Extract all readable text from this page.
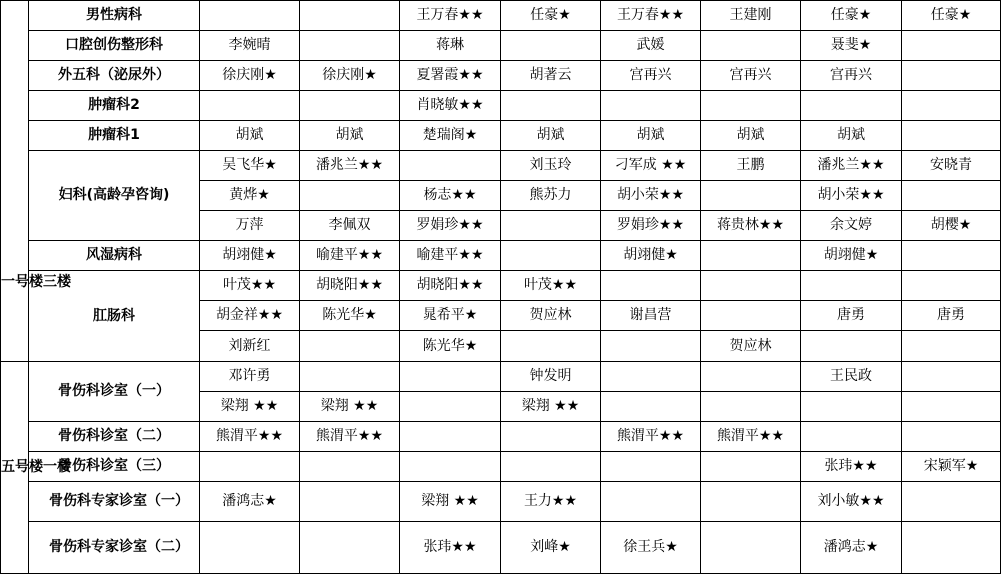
一号楼三楼	男性病科			王万春★★	任豪★	王万春★★	王建刚	任豪★	任豪★
	口腔创伤整形科	李婉晴		蒋琳		武媛		聂斐★	
	外五科（泌尿外）	徐庆刚★	徐庆刚★	夏署霞★★	胡著云	宫再兴	宫再兴	宫再兴	
	肿瘤科2			肖晓敏★★					
	肿瘤科1	胡斌	胡斌	楚瑞阁★	胡斌	胡斌	胡斌	胡斌	
	妇科(高龄孕咨询)	吴飞华★	潘兆兰★★		刘玉玲	刁军成 ★★	王鹏	潘兆兰★★	安晓青
		黄烨★		杨志★★	熊苏力	胡小荣★★		胡小荣★★	
		万萍	李佩双	罗娟珍★★		罗娟珍★★	蒋贵林★★	余文婷	胡樱★
	风湿病科	胡翊健★	喻建平★★	喻建平★★		胡翊健★		胡翊健★	
	肛肠科	叶茂★★	胡晓阳★★	胡晓阳★★	叶茂★★				
		胡金祥★★	陈光华★	晁希平★	贺应林	谢昌营		唐勇	唐勇
		刘新红		陈光华★			贺应林		
五号楼一楼	骨伤科诊室（一）	邓许勇			钟发明			王民政	
		梁翔 ★★	梁翔 ★★		梁翔 ★★				
	骨伤科诊室（二）	熊渭平★★	熊渭平★★			熊渭平★★	熊渭平★★		
	骨伤科诊室（三）							张玮★★	宋颖军★
	骨伤科专家诊室（一）	潘鸿志★		梁翔 ★★	王力★★			刘小敏★★	
	骨伤科专家诊室（二）			张玮★★	刘峰★	徐王兵★		潘鸿志★	
